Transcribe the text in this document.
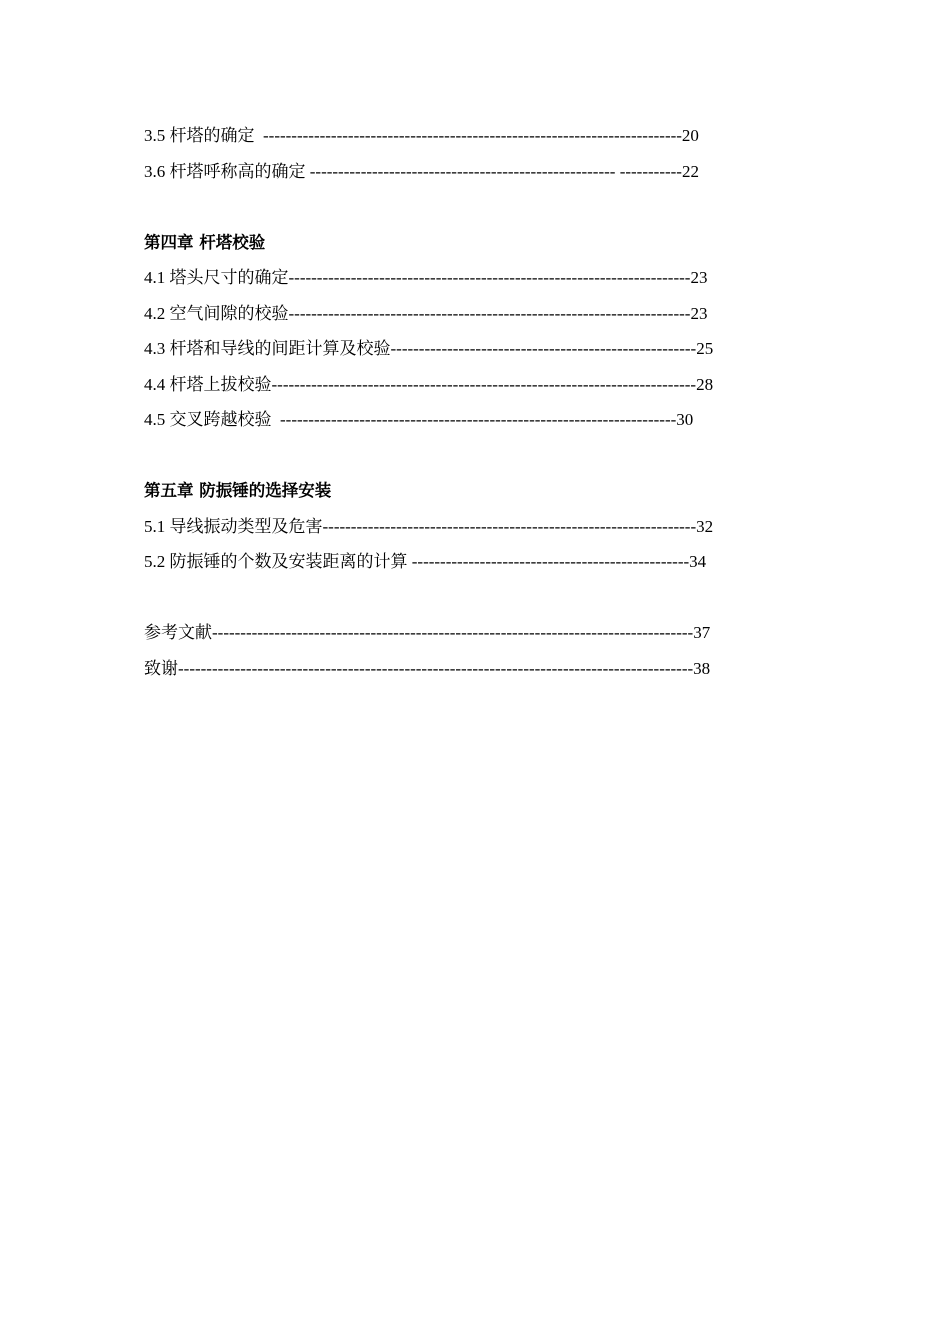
3.5 杆塔的确定  --------------------------------------------------------------------------20
3.6 杆塔呼称高的确定 ------------------------------------------------------ -----------22
第四章 杆塔校验
4.1 塔头尺寸的确定-----------------------------------------------------------------------23
4.2 空气间隙的校验-----------------------------------------------------------------------23
4.3 杆塔和导线的间距计算及校验------------------------------------------------------25
4.4 杆塔上拔校验---------------------------------------------------------------------------28
4.5 交叉跨越校验  ----------------------------------------------------------------------30
第五章 防振锤的选择安装
5.1 导线振动类型及危害------------------------------------------------------------------32
5.2 防振锤的个数及安装距离的计算 -------------------------------------------------34
参考文献-------------------------------------------------------------------------------------37
致谢-------------------------------------------------------------------------------------------38
